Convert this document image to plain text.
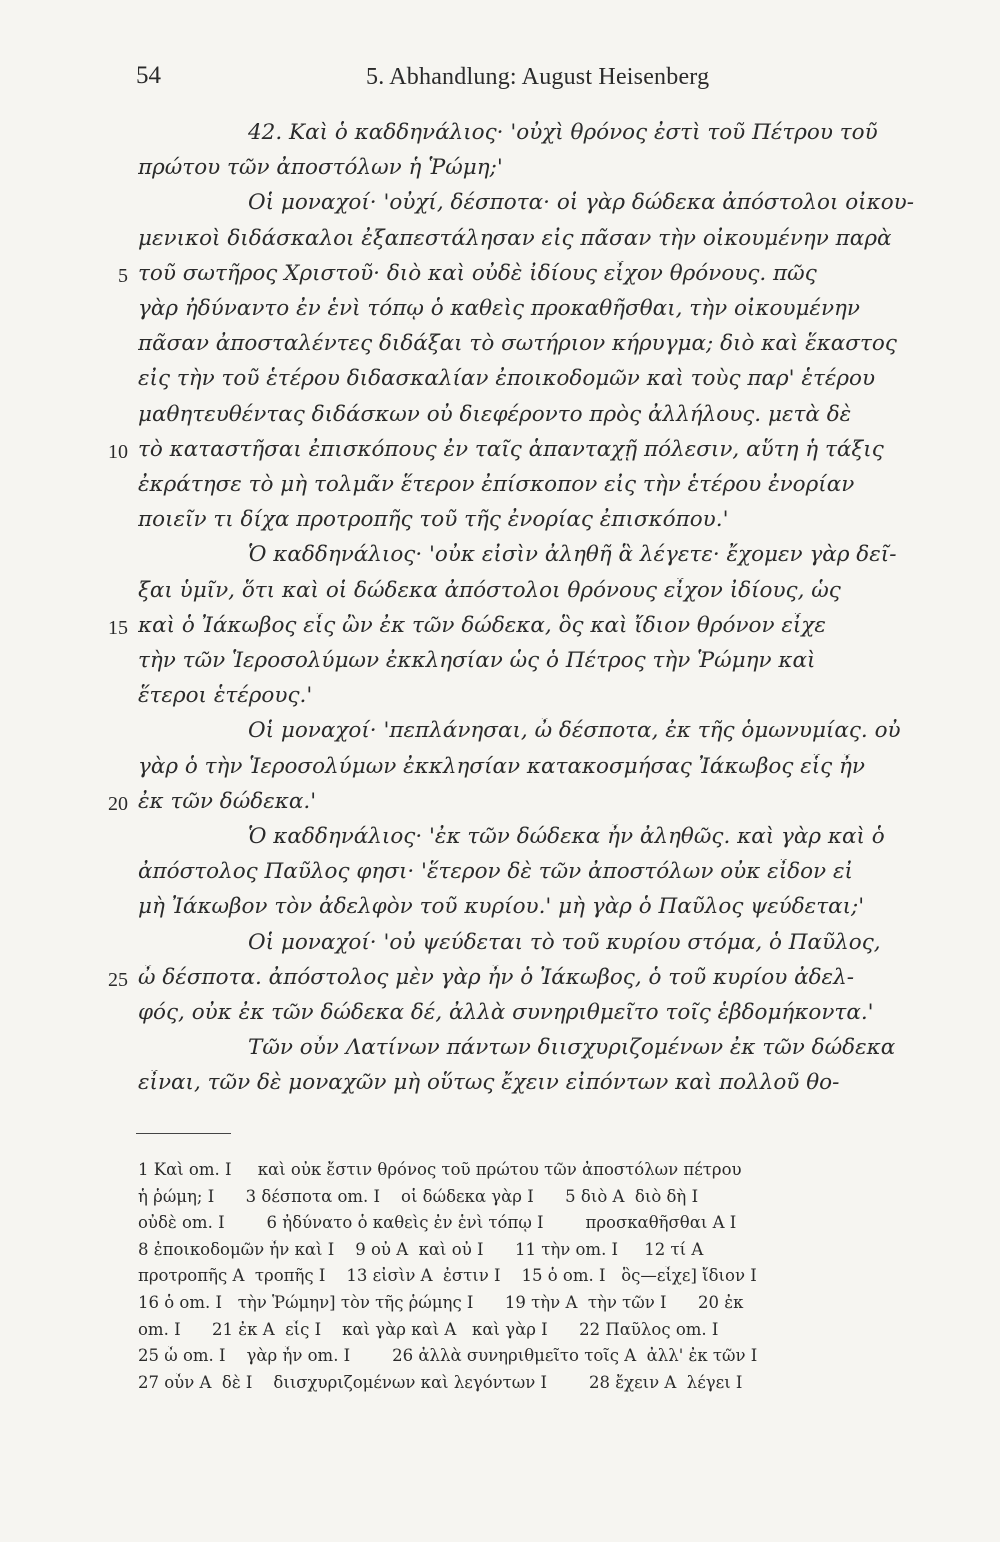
54	5. Abhandlung: August Heisenberg
42. Καὶ ὁ καδδηνάλιος· 'οὐχὶ θρόνος ἐστὶ τοῦ Πέτρου τοῦ
πρώτου τῶν ἀποστόλων ἡ Ῥώμη;'
Οἱ μοναχοί· 'οὐχί, δέσποτα· οἱ γὰρ δώδεκα ἀπόστολοι οἰκου-
μενικοὶ διδάσκαλοι ἐξαπεστάλησαν εἰς πᾶσαν τὴν οἰκουμένην παρὰ
5 τοῦ σωτῆρος Χριστοῦ· διὸ καὶ οὐδὲ ἰδίους εἶχον θρόνους. πῶς
γὰρ ἠδύναντο ἐν ἑνὶ τόπῳ ὁ καθεὶς προκαθῆσθαι, τὴν οἰκουμένην
πᾶσαν ἀποσταλέντες διδάξαι τὸ σωτήριον κήρυγμα; διὸ καὶ ἕκαστος
εἰς τὴν τοῦ ἑτέρου διδασκαλίαν ἐποικοδομῶν καὶ τοὺς παρ' ἑτέρου
μαθητευθέντας διδάσκων οὐ διεφέροντο πρὸς ἀλλήλους. μετὰ δὲ
10 τὸ καταστῆσαι ἐπισκόπους ἐν ταῖς ἁπανταχῇ πόλεσιν, αὕτη ἡ τάξις
ἐκράτησε τὸ μὴ τολμᾶν ἕτερον ἐπίσκοπον εἰς τὴν ἑτέρου ἐνορίαν
ποιεῖν τι δίχα προτροπῆς τοῦ τῆς ἐνορίας ἐπισκόπου.'
Ὁ καδδηνάλιος· 'οὐκ εἰσὶν ἀληθῆ ἃ λέγετε· ἔχομεν γὰρ δεῖ-
ξαι ὑμῖν, ὅτι καὶ οἱ δώδεκα ἀπόστολοι θρόνους εἶχον ἰδίους, ὡς
15 καὶ ὁ Ἰάκωβος εἷς ὢν ἐκ τῶν δώδεκα, ὃς καὶ ἴδιον θρόνον εἶχε
τὴν τῶν Ἱεροσολύμων ἐκκλησίαν ὡς ὁ Πέτρος τὴν Ῥώμην καὶ
ἕτεροι ἑτέρους.'
Οἱ μοναχοί· 'πεπλάνησαι, ὦ δέσποτα, ἐκ τῆς ὁμωνυμίας. οὐ
γὰρ ὁ τὴν Ἱεροσολύμων ἐκκλησίαν κατακοσμήσας Ἰάκωβος εἷς ἦν
20 ἐκ τῶν δώδεκα.'
Ὁ καδδηνάλιος· 'ἐκ τῶν δώδεκα ἦν ἀληθῶς. καὶ γὰρ καὶ ὁ
ἀπόστολος Παῦλος φησι· 'ἕτερον δὲ τῶν ἀποστόλων οὐκ εἶδον εἰ
μὴ Ἰάκωβον τὸν ἀδελφὸν τοῦ κυρίου.' μὴ γὰρ ὁ Παῦλος ψεύδεται;'
Οἱ μοναχοί· 'οὐ ψεύδεται τὸ τοῦ κυρίου στόμα, ὁ Παῦλος,
25 ὦ δέσποτα. ἀπόστολος μὲν γὰρ ἦν ὁ Ἰάκωβος, ὁ τοῦ κυρίου ἀδελ-
φός, οὐκ ἐκ τῶν δώδεκα δέ, ἀλλὰ συνηριθμεῖτο τοῖς ἑβδομήκοντα.'
Τῶν οὖν Λατίνων πάντων διισχυριζομένων ἐκ τῶν δώδεκα
εἶναι, τῶν δὲ μοναχῶν μὴ οὕτως ἔχειν εἰπόντων καὶ πολλοῦ θο-
1 Καὶ om. I     καὶ οὐκ ἔστιν θρόνος τοῦ πρώτου τῶν ἀποστόλων πέτρου
ἡ ῥώμη; I      3 δέσποτα om. I    οἱ δώδεκα γὰρ I      5 διὸ A  διὸ δὴ I
οὐδὲ om. I        6 ἠδύνατο ὁ καθεὶς ἐν ἑνὶ τόπῳ I        προσκαθῆσθαι A I
8 ἐποικοδομῶν ἦν καὶ I    9 οὐ A  καὶ οὐ I      11 τὴν om. I     12 τί A
προτροπῆς A  τροπῆς I    13 εἰσὶν A  ἐστιν I    15 ὁ om. I   ὃς—εἶχε] ἴδιον I
16 ὁ om. I   τὴν Ῥώμην] τὸν τῆς ῥώμης I      19 τὴν A  τὴν τῶν I      20 ἐκ
om. I      21 ἐκ A  εἷς I    καὶ γὰρ καὶ A   καὶ γὰρ I      22 Παῦλος om. I
25 ὦ om. I    γὰρ ἦν om. I        26 ἀλλὰ συνηριθμεῖτο τοῖς A  ἀλλ' ἐκ τῶν I
27 οὖν A  δὲ I    διισχυριζομένων καὶ λεγόντων I        28 ἔχειν A  λέγει I
